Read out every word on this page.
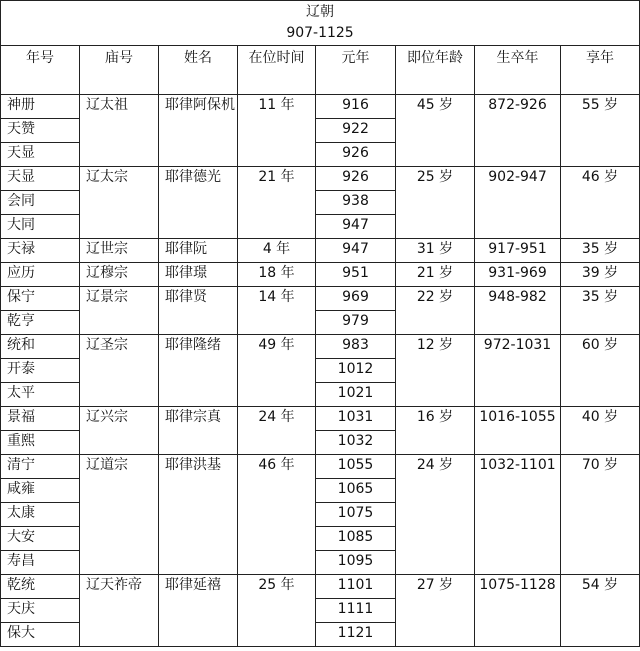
辽朝
907-1125							

年号	庙号	姓名	在位时间	元年	即位年龄	生卒年	享年
神册	辽太祖	耶律阿保机	11 年	916	45 岁	872-926	55 岁
天赞				922			
天显				926			
天显	辽太宗	耶律德光	21 年	926	25 岁	902-947	46 岁
会同				938			
大同				947			
天禄	辽世宗	耶律阮	4 年	947	31 岁	917-951	35 岁
应历	辽穆宗	耶律璟	18 年	951	21 岁	931-969	39 岁
保宁	辽景宗	耶律贤	14 年	969	22 岁	948-982	35 岁
乾亨				979			
统和	辽圣宗	耶律隆绪	49 年	983	12 岁	972-1031	60 岁
开泰				1012			
太平				1021			
景福	辽兴宗	耶律宗真	24 年	1031	16 岁	1016-1055	40 岁
重熙				1032			
清宁	辽道宗	耶律洪基	46 年	1055	24 岁	1032-1101	70 岁
咸雍				1065			
太康				1075			
大安				1085			
寿昌				1095			
乾统	辽天祚帝	耶律延禧	25 年	1101	27 岁	1075-1128	54 岁
天庆				1111			
保大				1121			
